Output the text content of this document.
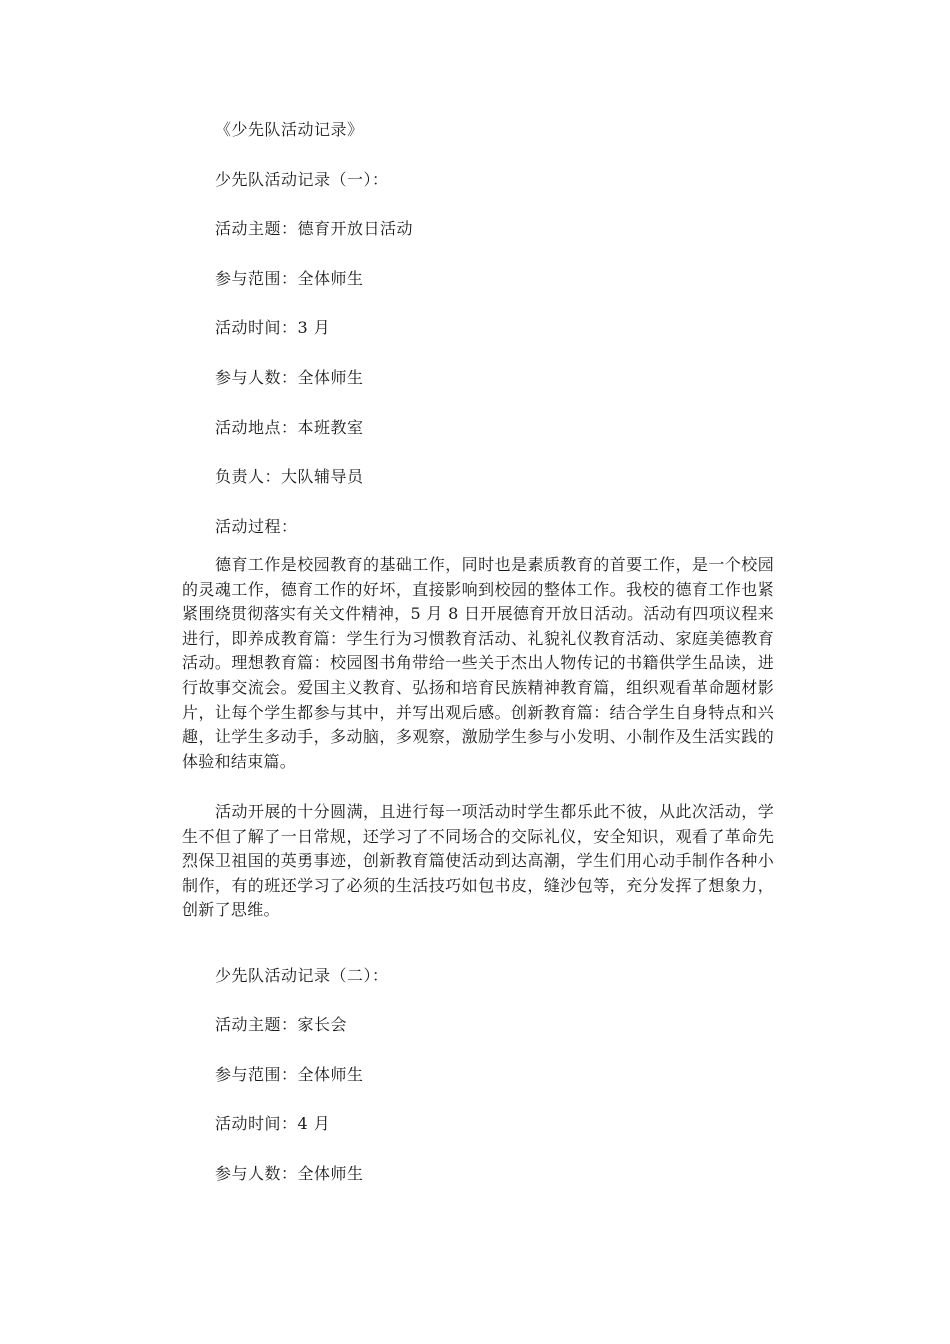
《少先队活动记录》
少先队活动记录（一）：
活动主题：德育开放日活动
参与范围：全体师生
活动时间：3 月
参与人数：全体师生
活动地点：本班教室
负责人：大队辅导员
活动过程：

德育工作是校园教育的基础工作，同时也是素质教育的首要工作，是一个校园的灵魂工作，德育工作的好坏，直接影响到校园的整体工作。我校的德育工作也紧紧围绕贯彻落实有关文件精神，5 月 8 日开展德育开放日活动。活动有四项议程来进行，即养成教育篇：学生行为习惯教育活动、礼貌礼仪教育活动、家庭美德教育活动。理想教育篇：校园图书角带给一些关于杰出人物传记的书籍供学生品读，进行故事交流会。爱国主义教育、弘扬和培育民族精神教育篇，组织观看革命题材影片，让每个学生都参与其中，并写出观后感。创新教育篇：结合学生自身特点和兴趣，让学生多动手，多动脑，多观察，激励学生参与小发明、小制作及生活实践的体验和结束篇。

活动开展的十分圆满，且进行每一项活动时学生都乐此不彼，从此次活动，学生不但了解了一日常规，还学习了不同场合的交际礼仪，安全知识，观看了革命先烈保卫祖国的英勇事迹，创新教育篇使活动到达高潮，学生们用心动手制作各种小制作，有的班还学习了必须的生活技巧如包书皮，缝沙包等，充分发挥了想象力，创新了思维。

少先队活动记录（二）：
活动主题：家长会
参与范围：全体师生
活动时间：4 月
参与人数：全体师生
